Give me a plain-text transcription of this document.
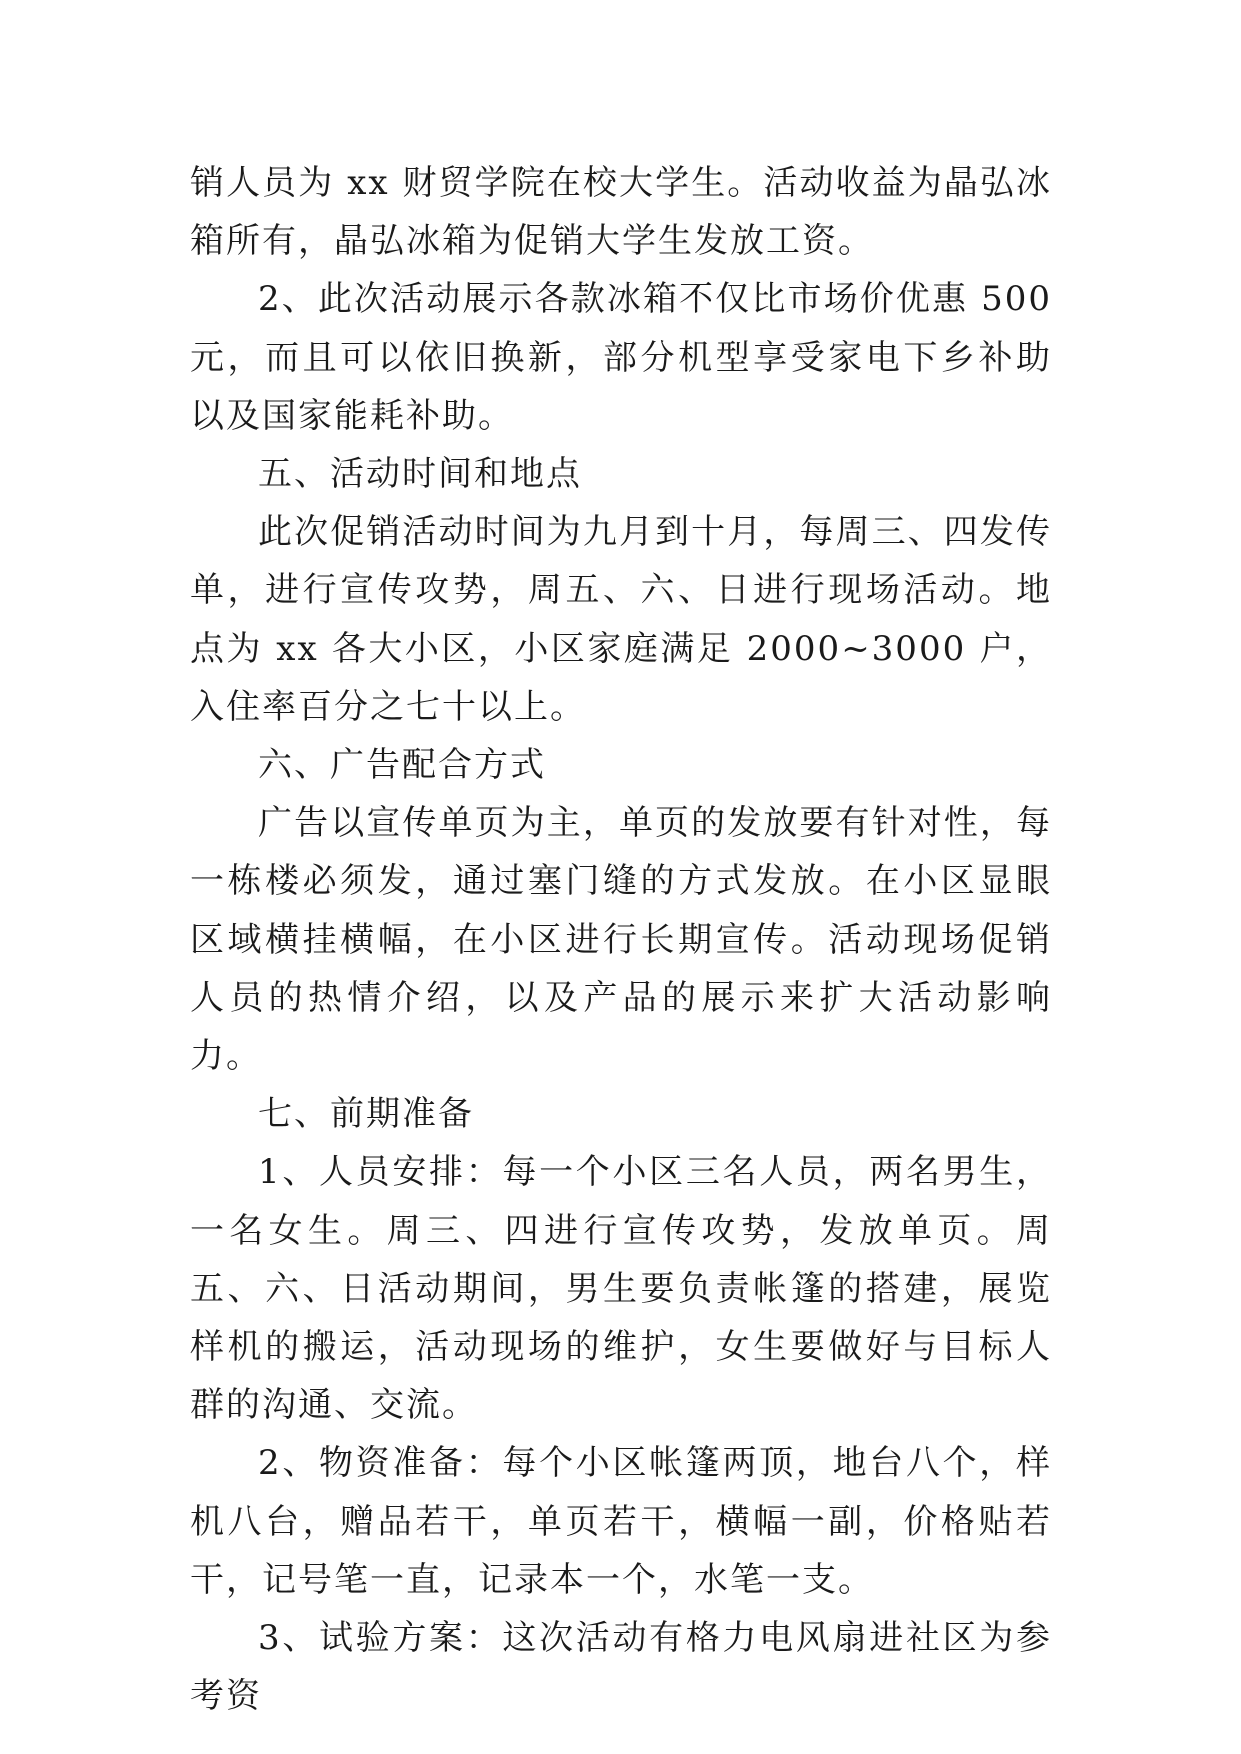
销人员为 xx 财贸学院在校大学生。活动收益为晶弘冰箱所有，晶弘冰箱为促销大学生发放工资。

2、此次活动展示各款冰箱不仅比市场价优惠 500 元，而且可以依旧换新，部分机型享受家电下乡补助以及国家能耗补助。

五、活动时间和地点

此次促销活动时间为九月到十月，每周三、四发传单，进行宣传攻势，周五、六、日进行现场活动。地点为 xx 各大小区，小区家庭满足 2000~3000 户，入住率百分之七十以上。

六、广告配合方式

广告以宣传单页为主，单页的发放要有针对性，每一栋楼必须发，通过塞门缝的方式发放。在小区显眼区域横挂横幅，在小区进行长期宣传。活动现场促销人员的热情介绍，以及产品的展示来扩大活动影响力。

七、前期准备

1、人员安排：每一个小区三名人员，两名男生，一名女生。周三、四进行宣传攻势，发放单页。周五、六、日活动期间，男生要负责帐篷的搭建，展览样机的搬运，活动现场的维护，女生要做好与目标人群的沟通、交流。

2、物资准备：每个小区帐篷两顶，地台八个，样机八台，赠品若干，单页若干，横幅一副，价格贴若干，记号笔一直，记录本一个，水笔一支。

3、试验方案：这次活动有格力电风扇进社区为参考资
